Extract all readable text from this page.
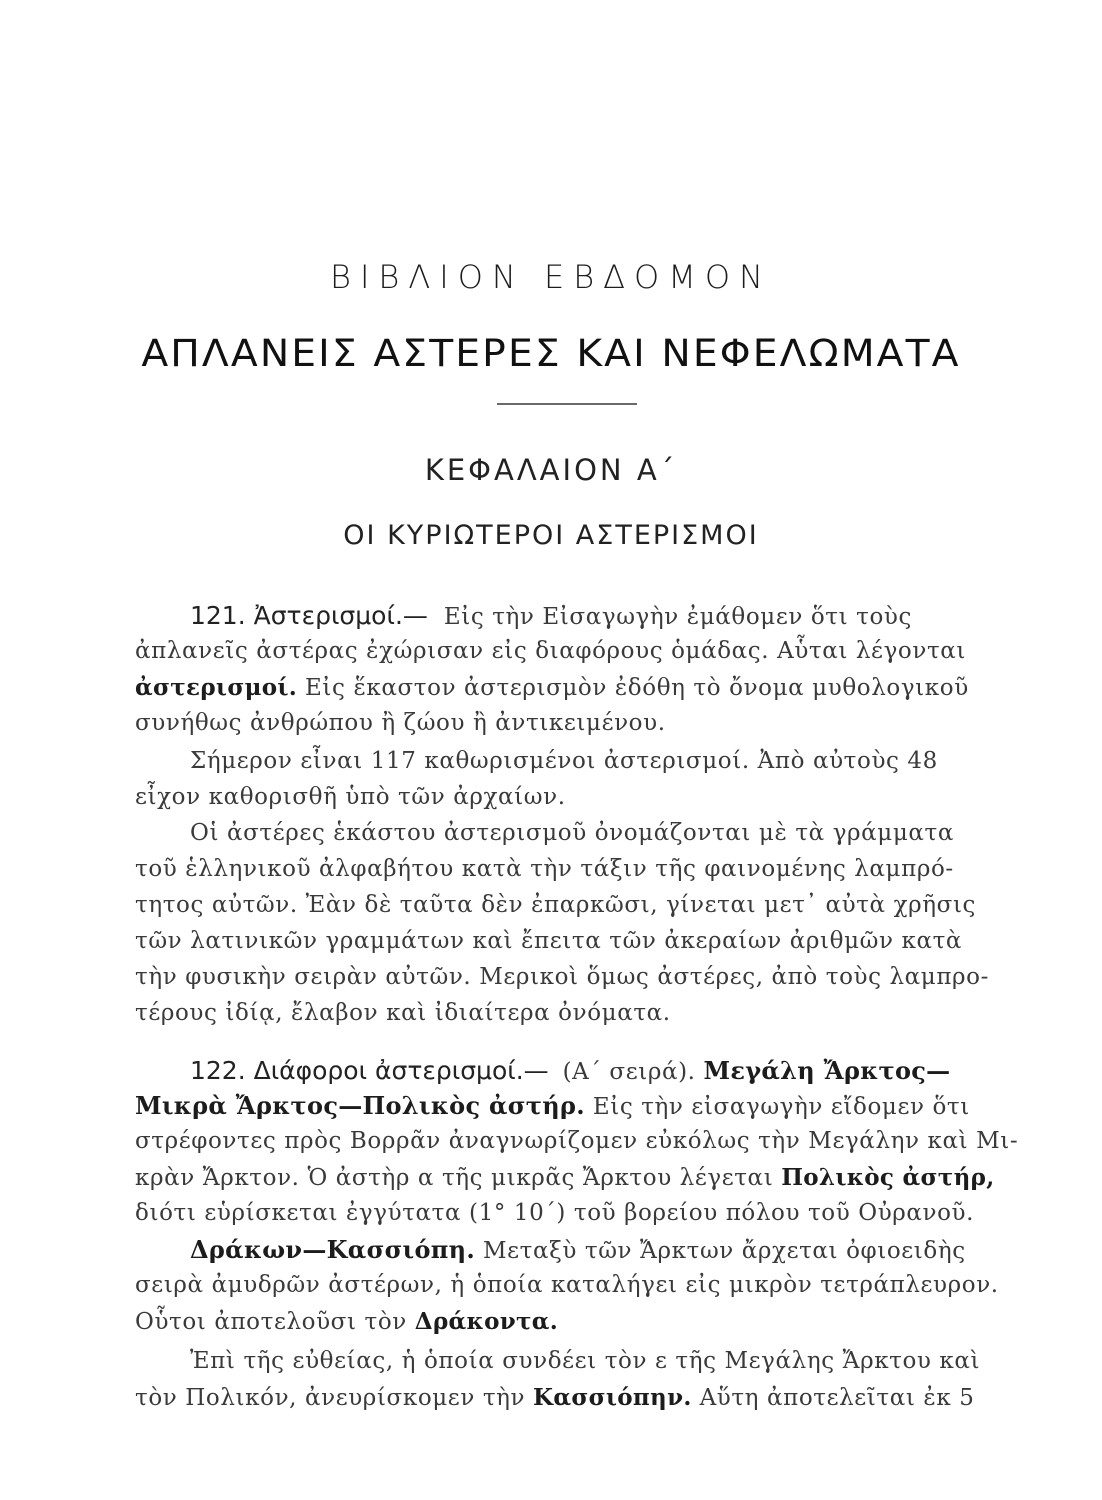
ΒΙΒΛΙΟΝ ΕΒΔΟΜΟΝ
ΑΠΛΑΝΕΙΣ ΑΣΤΕΡΕΣ ΚΑΙ ΝΕΦΕΛΩΜΑΤΑ
ΚΕΦΑΛΑΙΟΝ Α΄
ΟΙ ΚΥΡΙΩΤΕΡΟΙ ΑΣΤΕΡΙΣΜΟΙ
121. Ἀστερισμοί.— Εἰς τὴν Εἰσαγωγὴν ἐμάθομεν ὅτι τοὺς
ἀπλανεῖς ἀστέρας ἐχώρισαν εἰς διαφόρους ὁμάδας. Αὗται λέγονται
ἀστερισμοί. Εἰς ἕκαστον ἀστερισμὸν ἐδόθη τὸ ὄνομα μυθολογικοῦ
συνήθως ἀνθρώπου ἢ ζώου ἢ ἀντικειμένου.
Σήμερον εἶναι 117 καθωρισμένοι ἀστερισμοί. Ἀπὸ αὐτοὺς 48
εἶχον καθορισθῆ ὑπὸ τῶν ἀρχαίων.
Οἱ ἀστέρες ἑκάστου ἀστερισμοῦ ὀνομάζονται μὲ τὰ γράμματα
τοῦ ἑλληνικοῦ ἀλφαβήτου κατὰ τὴν τάξιν τῆς φαινομένης λαμπρό-
τητος αὐτῶν. Ἐὰν δὲ ταῦτα δὲν ἐπαρκῶσι, γίνεται μετ᾽ αὐτὰ χρῆσις
τῶν λατινικῶν γραμμάτων καὶ ἔπειτα τῶν ἀκεραίων ἀριθμῶν κατὰ
τὴν φυσικὴν σειρὰν αὐτῶν. Μερικοὶ ὅμως ἀστέρες, ἀπὸ τοὺς λαμπρο-
τέρους ἰδίᾳ, ἔλαβον καὶ ἰδιαίτερα ὀνόματα.
122. Διάφοροι ἀστερισμοί.— (Α΄ σειρά). Μεγάλη Ἄρκτος—
Μικρὰ Ἄρκτος—Πολικὸς ἀστήρ. Εἰς τὴν εἰσαγωγὴν εἴδομεν ὅτι
στρέφοντες πρὸς Βορρᾶν ἀναγνωρίζομεν εὐκόλως τὴν Μεγάλην καὶ Μι-
κρὰν Ἄρκτον. Ὁ ἀστὴρ α τῆς μικρᾶς Ἄρκτου λέγεται Πολικὸς ἀστήρ,
διότι εὑρίσκεται ἐγγύτατα (1° 10΄) τοῦ βορείου πόλου τοῦ Οὐρανοῦ.
Δράκων—Κασσιόπη. Μεταξὺ τῶν Ἄρκτων ἄρχεται ὀφιοειδὴς
σειρὰ ἀμυδρῶν ἀστέρων, ἡ ὁποία καταλήγει εἰς μικρὸν τετράπλευρον.
Οὗτοι ἀποτελοῦσι τὸν Δράκοντα.
Ἐπὶ τῆς εὐθείας, ἡ ὁποία συνδέει τὸν ε τῆς Μεγάλης Ἄρκτου καὶ
τὸν Πολικόν, ἀνευρίσκομεν τὴν Κασσιόπην. Αὕτη ἀποτελεῖται ἐκ 5
